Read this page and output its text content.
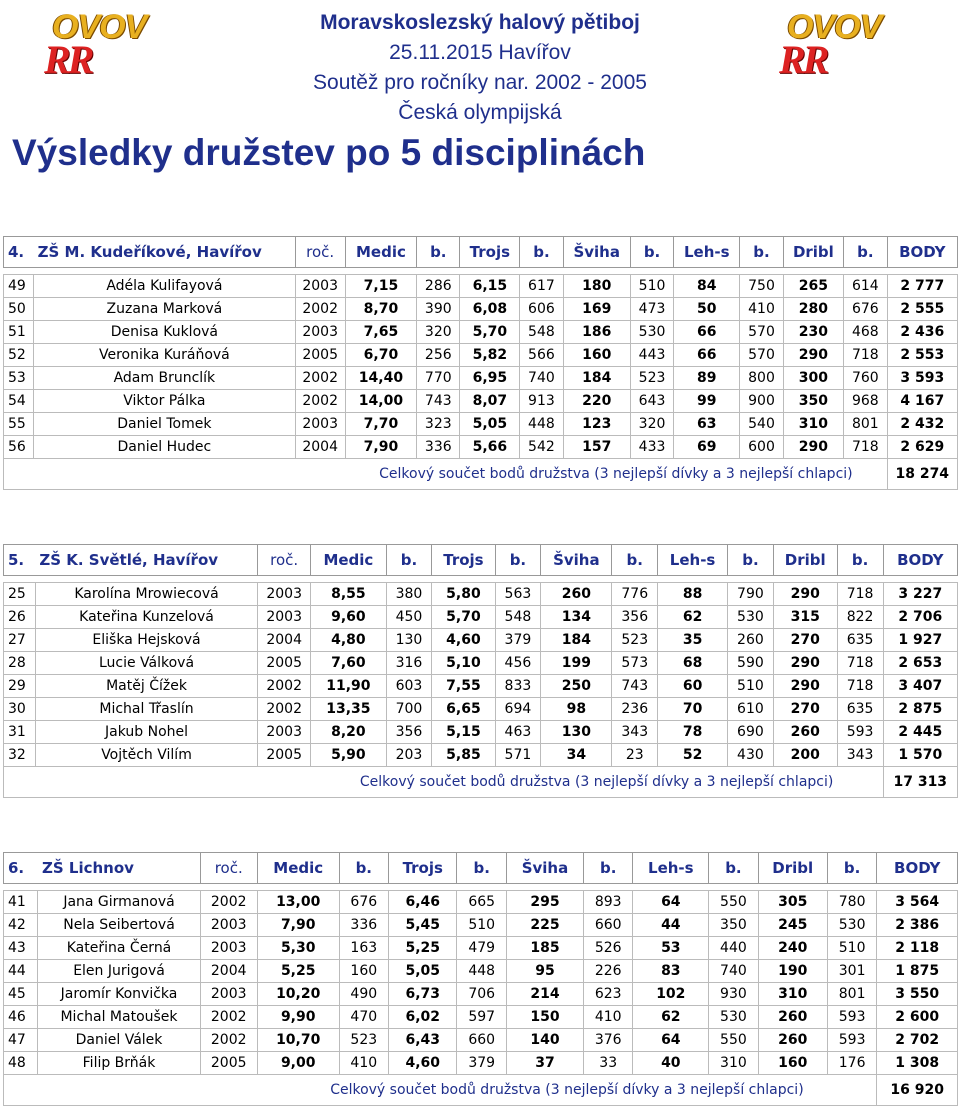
OVOV
RR
OVOV
RR
Moravskoslezský halový pětiboj
25.11.2015 Havířov
Soutěž pro ročníky nar. 2002 - 2005
Česká olympijská
Výsledky družstev po 5 disciplinách
4.	ZŠ M. Kudeříkové, Havířov	roč.	Medic	b.	Trojs	b.	Šviha	b.	Leh-s	b.	Dribl	b.	BODY

49	Adéla Kulifayová	2003	7,15	286	6,15	617	180	510	84	750	265	614	2 777
50	Zuzana Marková	2002	8,70	390	6,08	606	169	473	50	410	280	676	2 555
51	Denisa Kuklová	2003	7,65	320	5,70	548	186	530	66	570	230	468	2 436
52	Veronika Kuráňová	2005	6,70	256	5,82	566	160	443	66	570	290	718	2 553
53	Adam Brunclík	2002	14,40	770	6,95	740	184	523	89	800	300	760	3 593
54	Viktor Pálka	2002	14,00	743	8,07	913	220	643	99	900	350	968	4 167
55	Daniel Tomek	2003	7,70	323	5,05	448	123	320	63	540	310	801	2 432
56	Daniel Hudec	2004	7,90	336	5,66	542	157	433	69	600	290	718	2 629
			Celkový součet bodů družstva (3 nejlepší dívky a 3 nejlepší chlapci)										18 274
5.	ZŠ K. Světlé, Havířov	roč.	Medic	b.	Trojs	b.	Šviha	b.	Leh-s	b.	Dribl	b.	BODY

25	Karolína Mrowiecová	2003	8,55	380	5,80	563	260	776	88	790	290	718	3 227
26	Kateřina Kunzelová	2003	9,60	450	5,70	548	134	356	62	530	315	822	2 706
27	Eliška Hejsková	2004	4,80	130	4,60	379	184	523	35	260	270	635	1 927
28	Lucie Válková	2005	7,60	316	5,10	456	199	573	68	590	290	718	2 653
29	Matěj Čížek	2002	11,90	603	7,55	833	250	743	60	510	290	718	3 407
30	Michal Třaslín	2002	13,35	700	6,65	694	98	236	70	610	270	635	2 875
31	Jakub Nohel	2003	8,20	356	5,15	463	130	343	78	690	260	593	2 445
32	Vojtěch Vilím	2005	5,90	203	5,85	571	34	23	52	430	200	343	1 570
			Celkový součet bodů družstva (3 nejlepší dívky a 3 nejlepší chlapci)										17 313
6.	ZŠ Lichnov	roč.	Medic	b.	Trojs	b.	Šviha	b.	Leh-s	b.	Dribl	b.	BODY

41	Jana Girmanová	2002	13,00	676	6,46	665	295	893	64	550	305	780	3 564
42	Nela Seibertová	2003	7,90	336	5,45	510	225	660	44	350	245	530	2 386
43	Kateřina Černá	2003	5,30	163	5,25	479	185	526	53	440	240	510	2 118
44	Elen Jurigová	2004	5,25	160	5,05	448	95	226	83	740	190	301	1 875
45	Jaromír Konvička	2003	10,20	490	6,73	706	214	623	102	930	310	801	3 550
46	Michal Matoušek	2002	9,90	470	6,02	597	150	410	62	530	260	593	2 600
47	Daniel Válek	2002	10,70	523	6,43	660	140	376	64	550	260	593	2 702
48	Filip Brňák	2005	9,00	410	4,60	379	37	33	40	310	160	176	1 308
			Celkový součet bodů družstva (3 nejlepší dívky a 3 nejlepší chlapci)										16 920
